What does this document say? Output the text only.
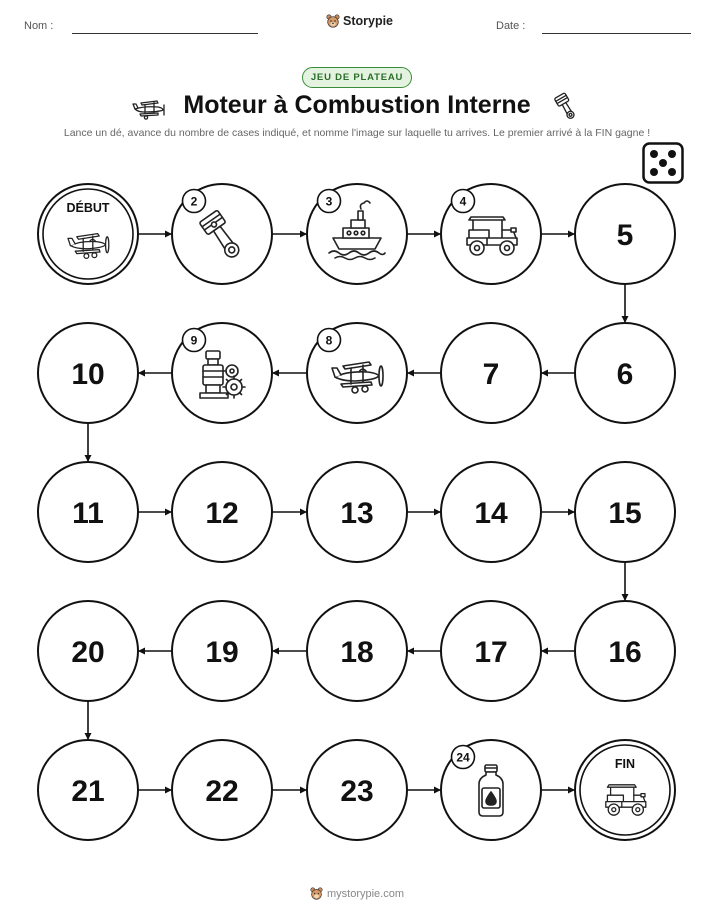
Nom :	Storypie	Date :
JEU DE PLATEAU
Moteur à Combustion Interne
Lance un dé, avance du nombre de cases indiqué, et nomme l'image sur laquelle tu arrives. Le premier arrivé à la FIN gagne !
DÉBUT	2	3	4
5
6
7
8
9
10
11	12	13	14	15
16
17
18
19
20
21	22	23
24	FIN
mystorypie.com
